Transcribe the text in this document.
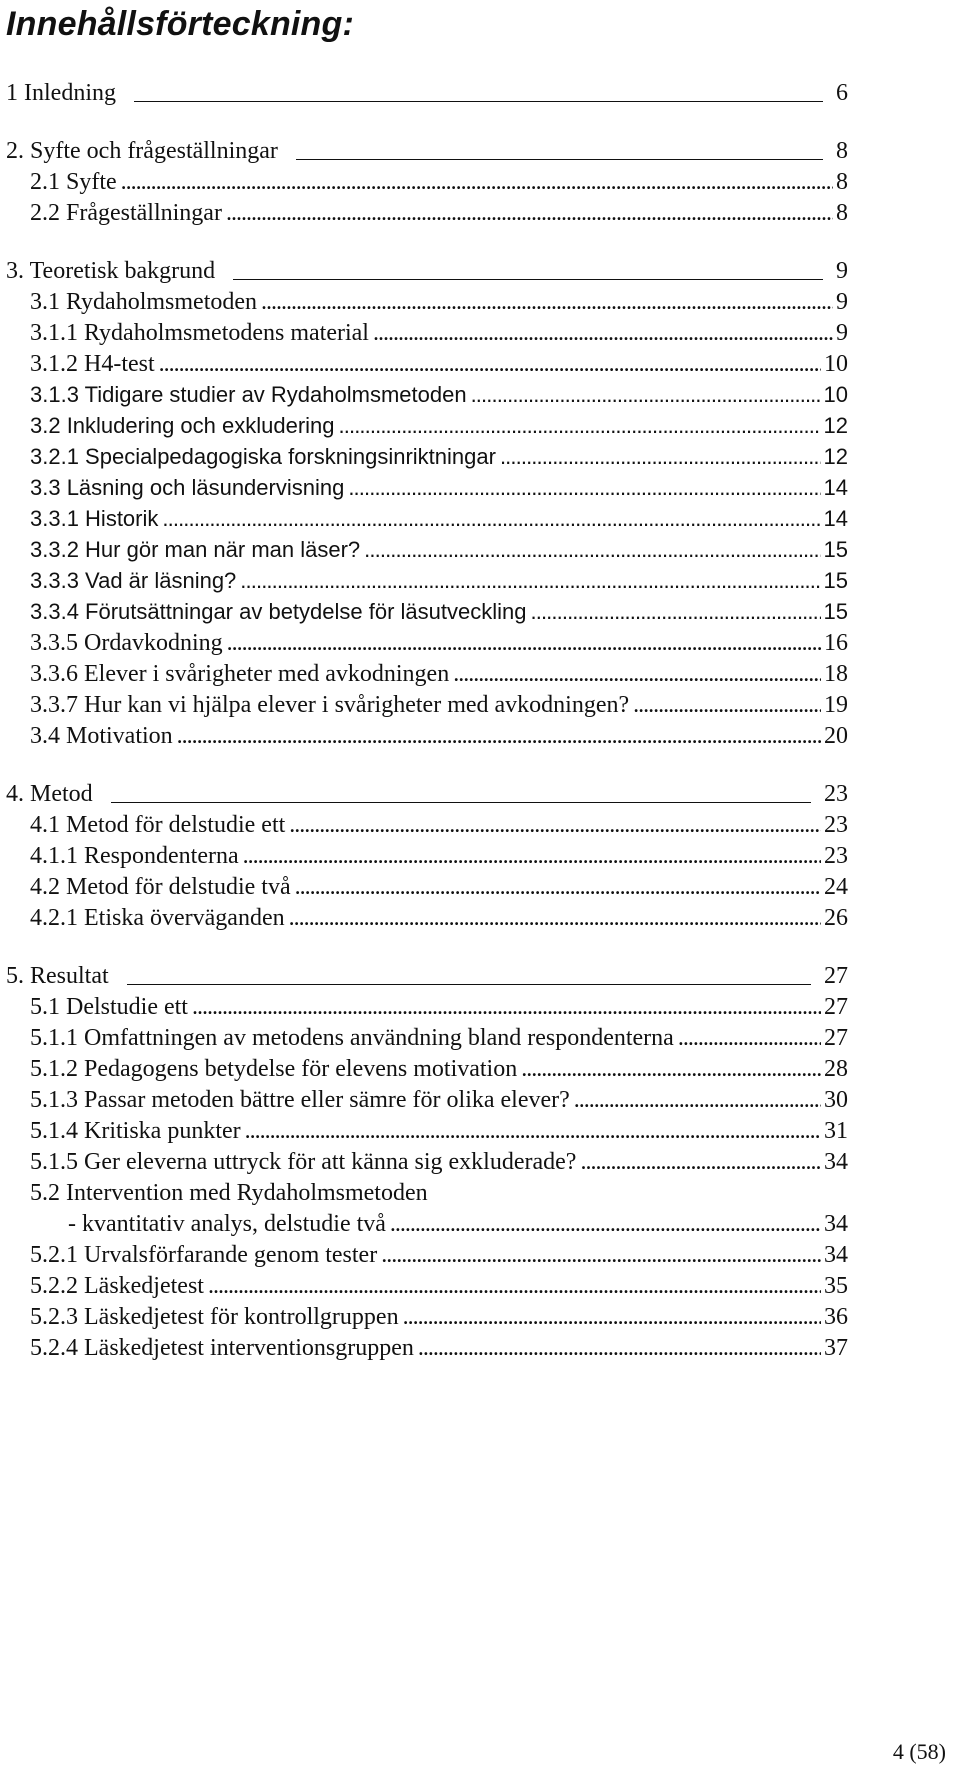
Innehållsförteckning:
1 Inledning	6
2. Syfte och frågeställningar	8
2.1 Syfte . . .	8
2.2 Frågeställningar . . .	8
3. Teoretisk bakgrund	9
3.1 Rydaholmsmetoden . . .	9
3.1.1 Rydaholmsmetodens material . . .	9
3.1.2 H4-test . . .	10
3.1.3 Tidigare studier av Rydaholmsmetoden . . .	10
3.2 Inkludering och exkludering . . .	12
3.2.1 Specialpedagogiska forskningsinriktningar . . .	12
3.3 Läsning och läsundervisning . . .	14
3.3.1 Historik . . .	14
3.3.2 Hur gör man när man läser? . . .	15
3.3.3 Vad är läsning? . . .	15
3.3.4 Förutsättningar av betydelse för läsutveckling . . .	15
3.3.5 Ordavkodning . . .	16
3.3.6 Elever i svårigheter med avkodningen . . .	18
3.3.7 Hur kan vi hjälpa elever i svårigheter med avkodningen? . . .	19
3.4 Motivation . . .	20
4. Metod	23
4.1 Metod för delstudie ett . . .	23
4.1.1 Respondenterna . . .	23
4.2 Metod för delstudie två . . .	24
4.2.1 Etiska överväganden . . .	26
5. Resultat	27
5.1 Delstudie ett . . .	27
5.1.1 Omfattningen av metodens användning bland respondenterna . . .	27
5.1.2 Pedagogens betydelse för elevens motivation . . .	28
5.1.3 Passar metoden bättre eller sämre för olika elever? . . .	30
5.1.4 Kritiska punkter . . .	31
5.1.5 Ger eleverna uttryck för att känna sig exkluderade? . . .	34
5.2 Intervention med Rydaholmsmetoden
- kvantitativ analys, delstudie två . . .	34
5.2.1 Urvalsförfarande genom tester . . .	34
5.2.2 Läskedjetest . . .	35
5.2.3 Läskedjetest för kontrollgruppen . . .	36
5.2.4 Läskedjetest interventionsgruppen . . .	37
4 (58)
